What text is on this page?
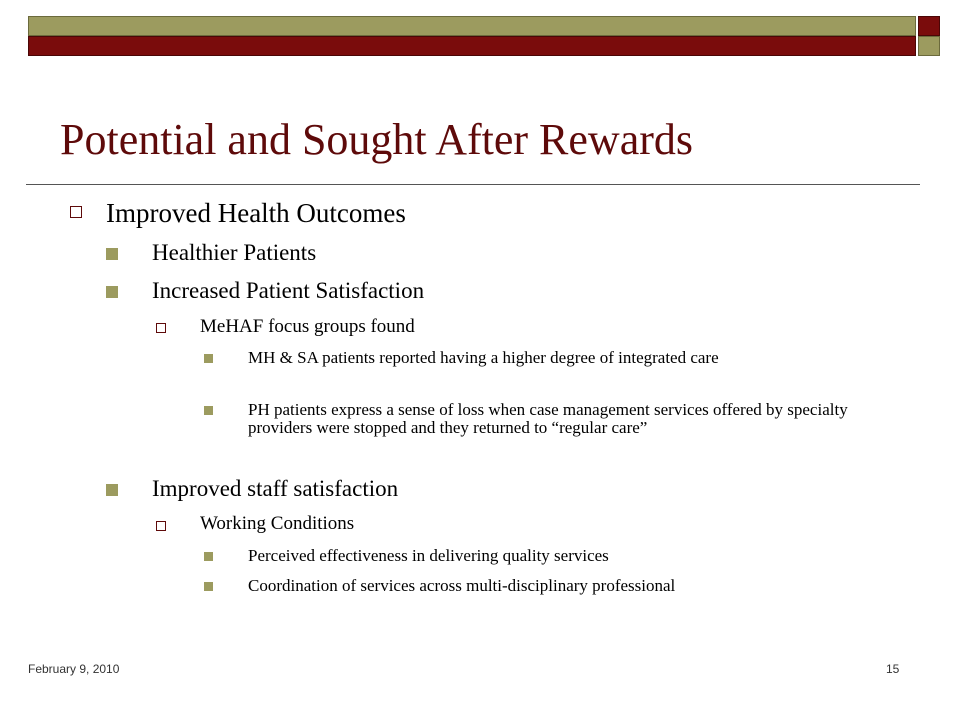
Potential and Sought After Rewards
Improved Health Outcomes
Healthier Patients
Increased Patient Satisfaction
MeHAF focus groups found
MH & SA patients reported having a higher degree of integrated care
PH patients express a sense of loss when case management services offered by specialty providers were stopped and they returned to “regular care”
Improved staff satisfaction
Working Conditions
Perceived effectiveness in delivering quality services
Coordination of services across multi-disciplinary professional
February 9, 2010	15
